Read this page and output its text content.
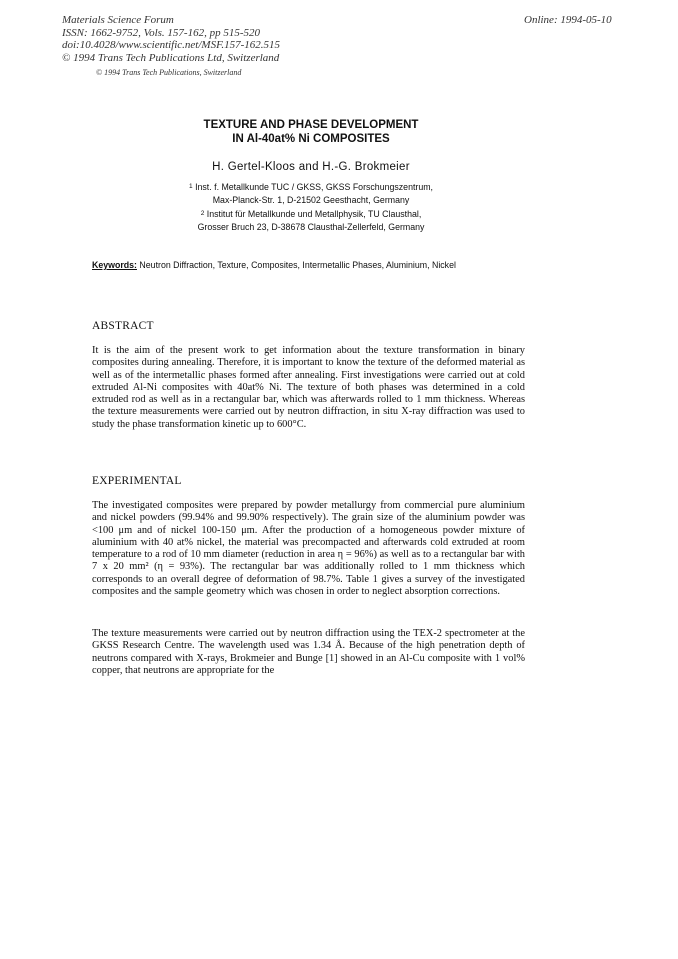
Materials Science Forum
ISSN: 1662-9752, Vols. 157-162, pp 515-520
doi:10.4028/www.scientific.net/MSF.157-162.515
© 1994 Trans Tech Publications Ltd, Switzerland
Online: 1994-05-10
© 1994 Trans Tech Publications, Switzerland
TEXTURE AND PHASE DEVELOPMENT
IN Al-40at% Ni COMPOSITES
H. Gertel-Kloos and H.-G. Brokmeier
$^1$ Inst. f. Metallkunde TUC / GKSS, GKSS Forschungszentrum,
Max-Planck-Str. 1, D-21502 Geesthacht, Germany
$^2$ Institut für Metallkunde und Metallphysik, TU Clausthal,
Grosser Bruch 23, D-38678 Clausthal-Zellerfeld, Germany
Keywords: Neutron Diffraction, Texture, Composites, Intermetallic Phases, Aluminium, Nickel
ABSTRACT
It is the aim of the present work to get information about the texture transformation in binary composites during annealing. Therefore, it is important to know the texture of the deformed material as well as of the intermetallic phases formed after annealing. First investigations were carried out at cold extruded Al-Ni composites with 40at% Ni. The texture of both phases was determined in a cold extruded rod as well as in a rectangular bar, which was afterwards rolled to 1 mm thickness. Whereas the texture measurements were carried out by neutron diffraction, in situ X-ray diffraction was used to study the phase transformation kinetic up to 600°C.
EXPERIMENTAL
The investigated composites were prepared by powder metallurgy from commercial pure aluminium and nickel powders (99.94% and 99.90% respectively). The grain size of the aluminium powder was <100 μm and of nickel 100-150 μm. After the production of a homogeneous powder mixture of aluminium with 40 at% nickel, the material was precompacted and afterwards cold extruded at room temperature to a rod of 10 mm diameter (reduction in area η = 96%) as well as to a rectangular bar with 7 x 20 mm² (η = 93%). The rectangular bar was additionally rolled to 1 mm thickness which corresponds to an overall degree of deformation of 98.7%. Table 1 gives a survey of the investigated composites and the sample geometry which was chosen in order to neglect absorption corrections.
The texture measurements were carried out by neutron diffraction using the TEX-2 spectrometer at the GKSS Research Centre. The wavelength used was 1.34 Å. Because of the high penetration depth of neutrons compared with X-rays, Brokmeier and Bunge [1] showed in an Al-Cu composite with 1 vol% copper, that neutrons are appropriate for the
